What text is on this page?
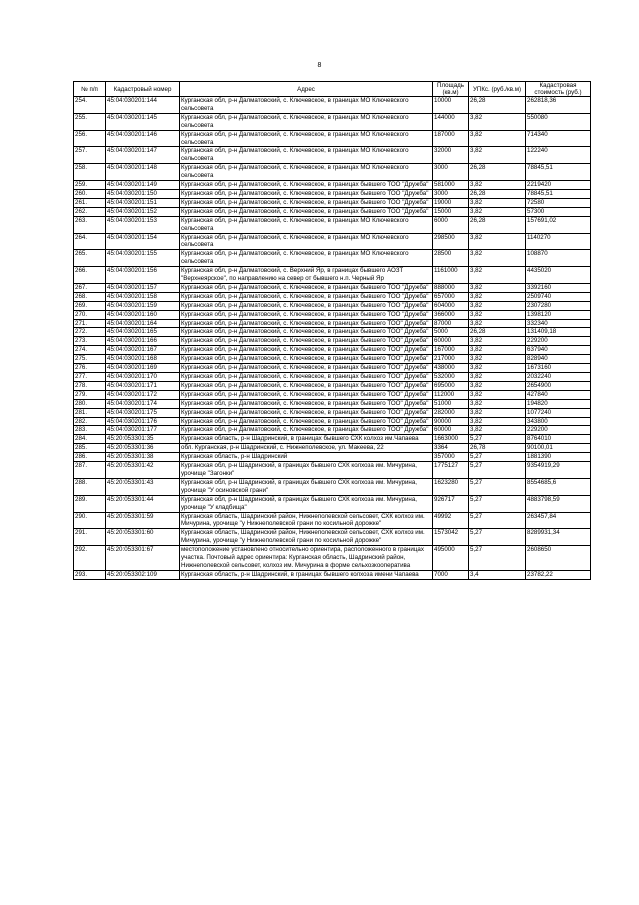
8
№ п/п	Кадастровый номер	Адрес	Площадь (кв.м)	УПКс. (руб./кв.м)	Кадастровая стоимость (руб.)
254.	45:04:030201:144	Курганская обл, р-н Далматовский, с. Ключевское, в границах МО Ключевского сельсовета	10000	26,28	262818,36
255.	45:04:030201:145	Курганская обл, р-н Далматовский, с. Ключевское, в границах МО Ключевского сельсовета	144000	3,82	550080
256.	45:04:030201:146	Курганская обл, р-н Далматовский, с. Ключевское, в границах МО Ключевского сельсовета	187000	3,82	714340
257.	45:04:030201:147	Курганская обл, р-н Далматовский, с. Ключевское, в границах МО Ключевского сельсовета	32000	3,82	122240
258.	45:04:030201:148	Курганская обл, р-н Далматовский, с. Ключевское, в границах МО Ключевского сельсовета	3000	26,28	78845,51
259.	45:04:030201:149	Курганская обл, р-н Далматовский, с. Ключевское, в границах бывшего ТОО "Дружба"	581000	3,82	2219420
260.	45:04:030201:150	Курганская обл, р-н Далматовский, с. Ключевское, в границах бывшего ТОО "Дружба"	3000	26,28	78845,51
261.	45:04:030201:151	Курганская обл, р-н Далматовский, с. Ключевское, в границах бывшего ТОО "Дружба"	19000	3,82	72580
262.	45:04:030201:152	Курганская обл, р-н Далматовский, с. Ключевское, в границах бывшего ТОО "Дружба"	15000	3,82	57300
263.	45:04:030201:153	Курганская обл, р-н Далматовский, с. Ключевское, в границах МО Ключевского сельсовета	6000	26,28	157691,02
264.	45:04:030201:154	Курганская обл, р-н Далматовский, с. Ключевское, в границах МО Ключевского сельсовета	298500	3,82	1140270
265.	45:04:030201:155	Курганская обл, р-н Далматовский, с. Ключевское, в границах МО Ключевского сельсовета	28500	3,82	108870
266.	45:04:030201:156	Курганская обл, р-н Далматовский, с. Верхний Яр, в границах бывшего АОЗТ "Верхнеярское", по направлению на север от бывшего н.п. Черный Яр	1161000	3,82	4435020
267.	45:04:030201:157	Курганская обл, р-н Далматовский, с. Ключевское, в границах бывшего ТОО "Дружба"	888000	3,82	3392160
268.	45:04:030201:158	Курганская обл, р-н Далматовский, с. Ключевское, в границах бывшего ТОО "Дружба"	657000	3,82	2509740
269.	45:04:030201:159	Курганская обл, р-н Далматовский, с. Ключевское, в границах бывшего ТОО "Дружба"	604000	3,82	2307280
270.	45:04:030201:160	Курганская обл, р-н Далматовский, с. Ключевское, в границах бывшего ТОО "Дружба"	366000	3,82	1398120
271.	45:04:030201:164	Курганская обл, р-н Далматовский, с. Ключевское, в границах бывшего ТОО" Дружба"	87000	3,82	332340
272.	45:04:030201:165	Курганская обл, р-н Далматовский, с. Ключевское, в границах бывшего ТОО" Дружба"	5000	26,28	131409,18
273.	45:04:030201:166	Курганская обл, р-н Далматовский, с. Ключевское, в границах бывшего ТОО" Дружба"	60000	3,82	229200
274.	45:04:030201:167	Курганская обл, р-н Далматовский, с. Ключевское, в границах бывшего ТОО" Дружба"	167000	3,82	637940
275.	45:04:030201:168	Курганская обл, р-н Далматовский, с. Ключевское, в границах бывшего ТОО" Дружба"	217000	3,82	828940
276.	45:04:030201:169	Курганская обл, р-н Далматовский, с. Ключевское, в границах бывшего ТОО" Дружба"	438000	3,82	1673160
277.	45:04:030201:170	Курганская обл, р-н Далматовский, с. Ключевское, в границах бывшего ТОО" Дружба"	532000	3,82	2032240
278.	45:04:030201:171	Курганская обл, р-н Далматовский, с. Ключевское, в границах бывшего ТОО" Дружба"	695000	3,82	2654900
279.	45:04:030201:172	Курганская обл, р-н Далматовский, с. Ключевское, в границах бывшего ТОО" Дружба"	112000	3,82	427840
280.	45:04:030201:174	Курганская обл, р-н Далматовский, с. Ключевское, в границах бывшего ТОО" Дружба"	51000	3,82	194820
281.	45:04:030201:175	Курганская обл, р-н Далматовский, с. Ключевское, в границах бывшего ТОО" Дружба"	282000	3,82	1077240
282.	45:04:030201:176	Курганская обл, р-н Далматовский, с. Ключевское, в границах бывшего ТОО" Дружба"	90000	3,82	343800
283.	45:04:030201:177	Курганская обл, р-н Далматовский, с. Ключевское, в границах бывшего ТОО" Дружба"	60000	3,82	229200
284.	45:20:053301:35	Курганская область, р-н Шадринский, в границах бывшего СХК колхоз им.Чапаева	1663000	5,27	8764010
285.	45:20:053301:36	обл. Курганская, р-н Шадринский, с. Нижнеполевское, ул. Макеева, 22	3364	26,78	90100,01
286.	45:20:053301:38	Курганская область, р-н Шадринский	357000	5,27	1881390
287.	45:20:053301:42	Курганская обл, р-н Шадринский, в границах бывшего СХК колхоза им. Мичурина, урочище "Загонки"	1775127	5,27	9354919,29
288.	45:20:053301:43	Курганская обл, р-н Шадринский, в границах бывшего СХК колхоза им. Мичурина, урочище "У осиновской грани"	1623280	5,27	8554685,6
289.	45:20:053301:44	Курганская обл, р-н Шадринский, в границах бывшего СХК колхоза им. Мичурина, урочище "У кладбища"	926717	5,27	4883798,59
290.	45:20:053301:59	Курганская область, Шадринский район, Нижнеполевской сельсовет, СХК колхоз им. Мичурина, урочище "у Нижнеполевской грани по косильной дорожке"	49992	5,27	263457,84
291.	45:20:053301:60	Курганская область, Шадринский район, Нижнеполевской сельсовет, СХК колхоз им. Мичурина, урочище "у Нижнеполевской грани по косильной дорожке"	1573042	5,27	8289931,34
292.	45:20:053301:67	местоположение установлено относительно ориентира, расположенного в границах участка. Почтовый адрес ориентира: Курганская область, Шадринский район, Нижнеполевской сельсовет, колхоз им. Мичурина в форме сельхозкооператива	495000	5,27	2608650
293.	45:20:053302:109	Курганская область, р-н Шадринский, в границах бывшего колхоза имени Чапаева	7000	3,4	23782,22
